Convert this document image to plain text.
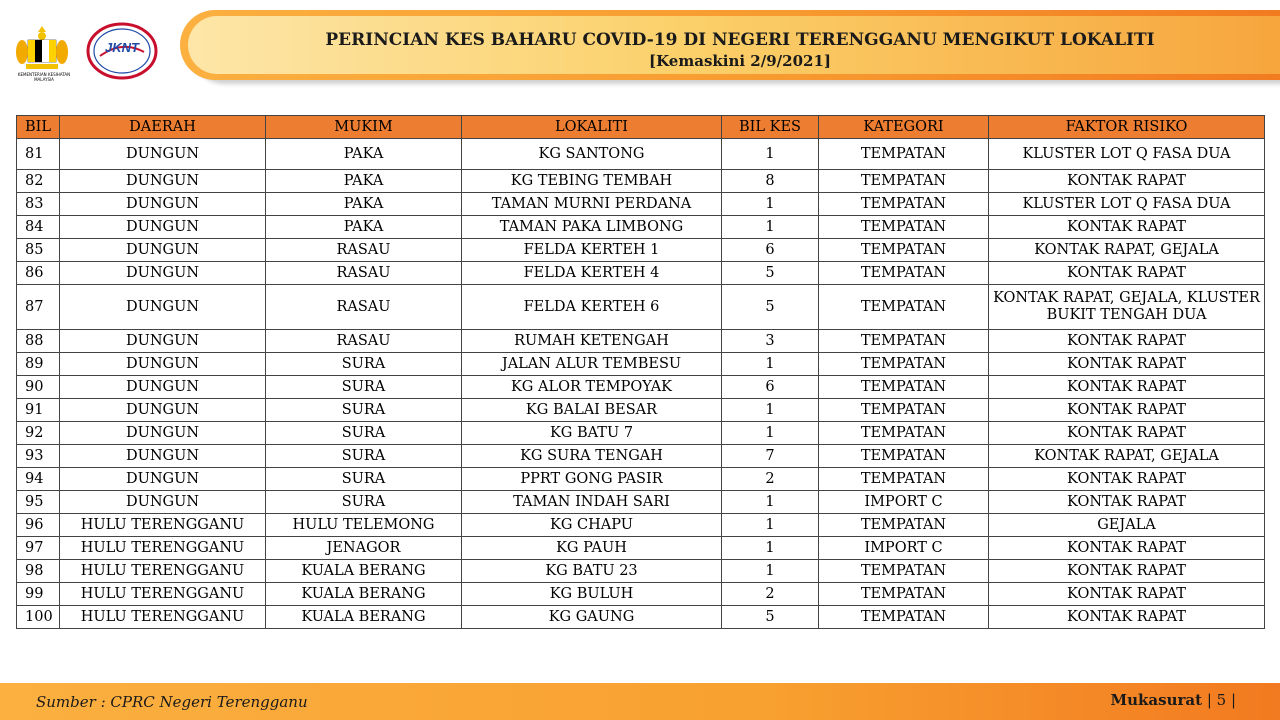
KEMENTERIAN KESIHATAN MALAYSIA
JKNT	PERINCIAN KES BAHARU COVID-19 DI NEGERI TERENGGANU MENGIKUT LOKALITI
[Kemaskini 2/9/2021]
BIL	DAERAH	MUKIM	LOKALITI	BIL KES	KATEGORI	FAKTOR RISIKO
81	DUNGUN	PAKA	KG SANTONG	1	TEMPATAN	KLUSTER LOT Q FASA DUA
82	DUNGUN	PAKA	KG TEBING TEMBAH	8	TEMPATAN	KONTAK RAPAT
83	DUNGUN	PAKA	TAMAN MURNI PERDANA	1	TEMPATAN	KLUSTER LOT Q FASA DUA
84	DUNGUN	PAKA	TAMAN PAKA LIMBONG	1	TEMPATAN	KONTAK RAPAT
85	DUNGUN	RASAU	FELDA KERTEH 1	6	TEMPATAN	KONTAK RAPAT, GEJALA
86	DUNGUN	RASAU	FELDA KERTEH 4	5	TEMPATAN	KONTAK RAPAT
87	DUNGUN	RASAU	FELDA KERTEH 6	5	TEMPATAN	KONTAK RAPAT, GEJALA, KLUSTER BUKIT TENGAH DUA
88	DUNGUN	RASAU	RUMAH KETENGAH	3	TEMPATAN	KONTAK RAPAT
89	DUNGUN	SURA	JALAN ALUR TEMBESU	1	TEMPATAN	KONTAK RAPAT
90	DUNGUN	SURA	KG ALOR TEMPOYAK	6	TEMPATAN	KONTAK RAPAT
91	DUNGUN	SURA	KG BALAI BESAR	1	TEMPATAN	KONTAK RAPAT
92	DUNGUN	SURA	KG BATU 7	1	TEMPATAN	KONTAK RAPAT
93	DUNGUN	SURA	KG SURA TENGAH	7	TEMPATAN	KONTAK RAPAT, GEJALA
94	DUNGUN	SURA	PPRT GONG PASIR	2	TEMPATAN	KONTAK RAPAT
95	DUNGUN	SURA	TAMAN INDAH SARI	1	IMPORT C	KONTAK RAPAT
96	HULU TERENGGANU	HULU TELEMONG	KG CHAPU	1	TEMPATAN	GEJALA
97	HULU TERENGGANU	JENAGOR	KG PAUH	1	IMPORT C	KONTAK RAPAT
98	HULU TERENGGANU	KUALA BERANG	KG BATU 23	1	TEMPATAN	KONTAK RAPAT
99	HULU TERENGGANU	KUALA BERANG	KG BULUH	2	TEMPATAN	KONTAK RAPAT
100	HULU TERENGGANU	KUALA BERANG	KG GAUNG	5	TEMPATAN	KONTAK RAPAT
Sumber : CPRC Negeri Terengganu	Mukasurat | 5 |
